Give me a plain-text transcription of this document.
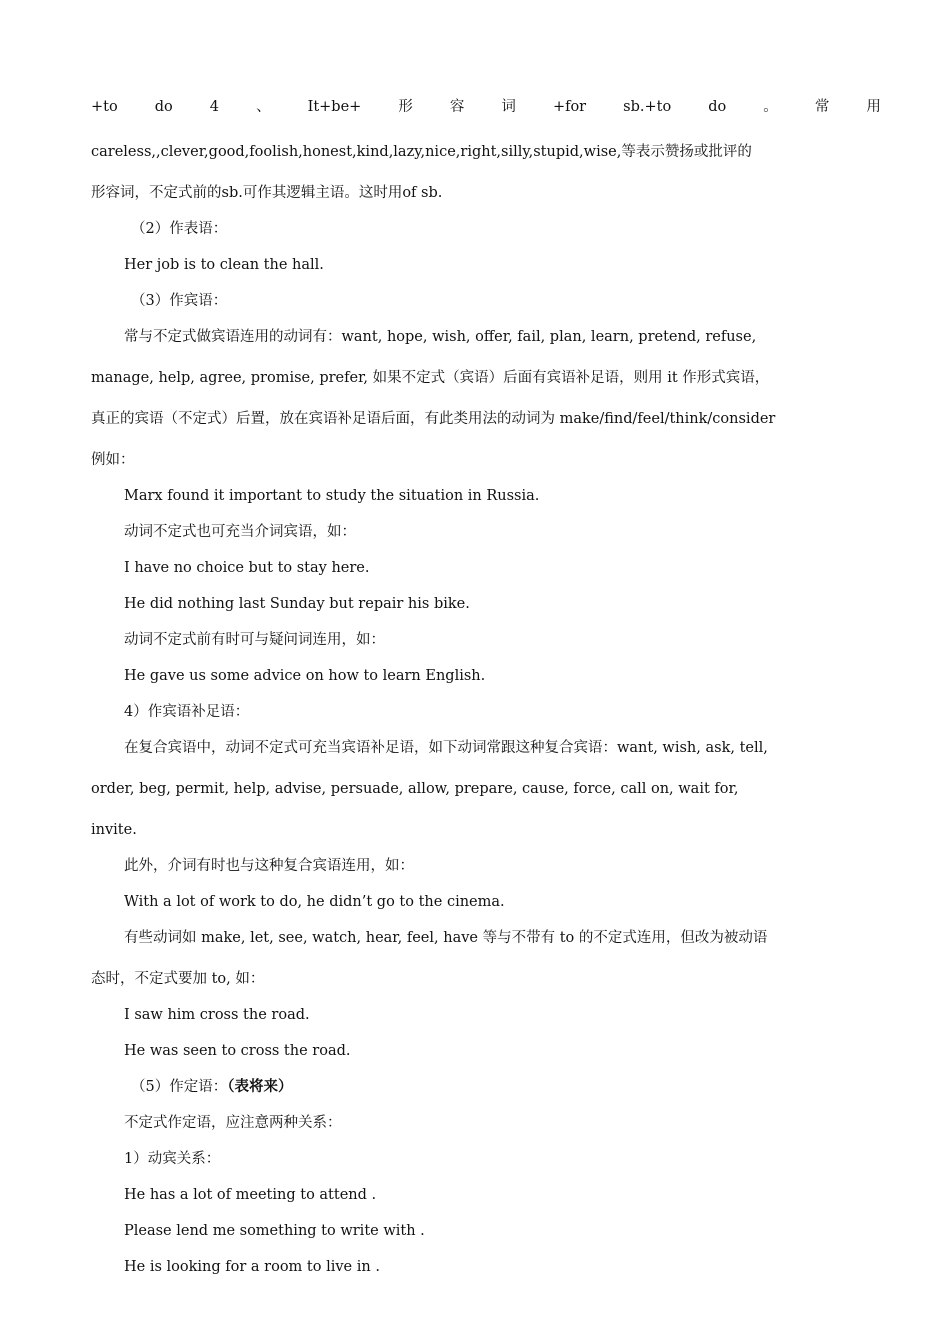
+to	do	4	、	It+be+	形	容	词	+for	sb.+to	do	。	常	用
careless,,clever,good,foolish,honest,kind,lazy,nice,right,silly,stupid,wise,等表示赞扬或批评的
形容词，不定式前的sb.可作其逻辑主语。这时用of sb.
（2）作表语：
Her job is to clean the hall.
（3）作宾语：
常与不定式做宾语连用的动词有：want, hope, wish, offer, fail, plan, learn, pretend, refuse,
manage, help, agree, promise, prefer, 如果不定式（宾语）后面有宾语补足语，则用 it 作形式宾语，
真正的宾语（不定式）后置，放在宾语补足语后面，有此类用法的动词为 make/find/feel/think/consider
例如：
Marx found it important to study the situation in Russia.
动词不定式也可充当介词宾语，如：
I have no choice but to stay here.
He did nothing last Sunday but repair his bike.
动词不定式前有时可与疑问词连用，如：
He gave us some advice on how to learn English.
4）作宾语补足语：
在复合宾语中，动词不定式可充当宾语补足语，如下动词常跟这种复合宾语：want, wish, ask, tell,
order, beg, permit, help, advise, persuade, allow, prepare, cause, force, call on, wait for,
invite.
此外，介词有时也与这种复合宾语连用，如：
With a lot of work to do, he didn’t go to the cinema.
有些动词如 make, let, see, watch, hear, feel, have 等与不带有 to 的不定式连用，但改为被动语
态时，不定式要加 to, 如：
I saw him cross the road.
He was seen to cross the road.
（5）作定语：（表将来）
不定式作定语，应注意两种关系：
1）动宾关系：
He has a lot of meeting to attend .
Please lend me something to write with .
He is looking for a room to live in .
